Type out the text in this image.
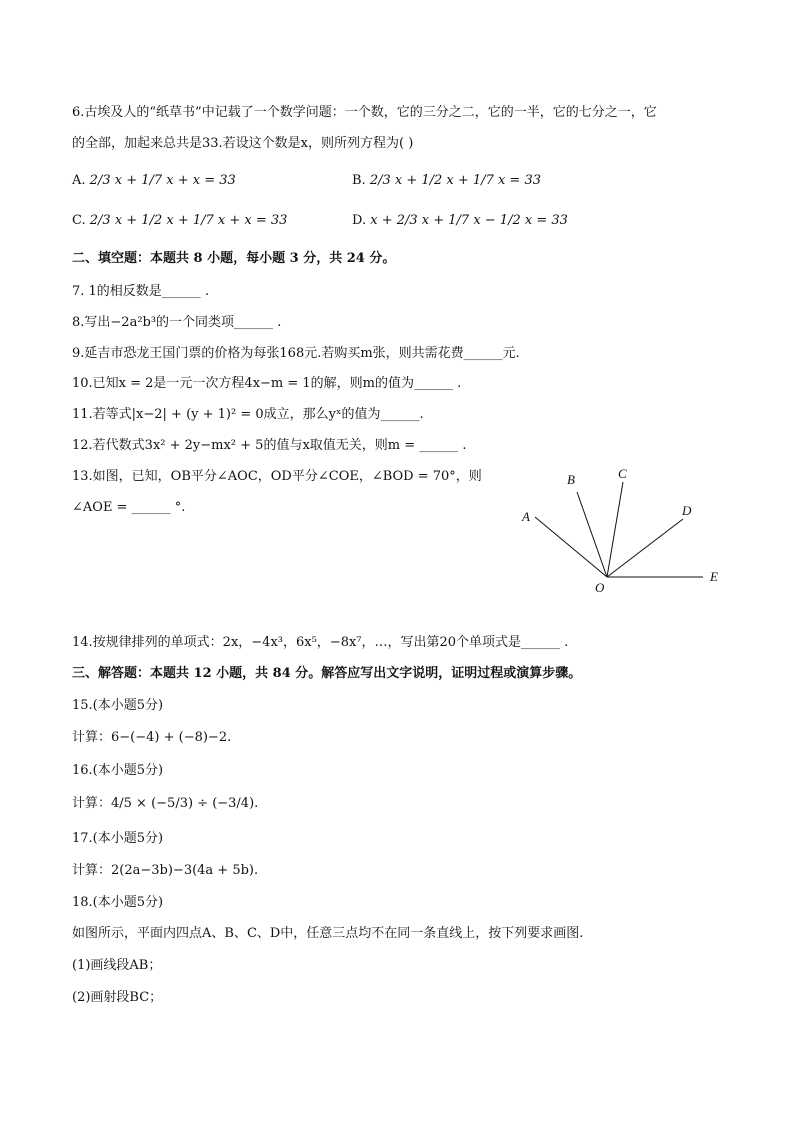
6.古埃及人的“纸草书”中记载了一个数学问题：一个数，它的三分之二，它的一半，它的七分之一，它
的全部，加起来总共是33.若设这个数是x，则所列方程为( )
A. 2/3 x + 1/7 x + x = 33	B. 2/3 x + 1/2 x + 1/7 x = 33
C. 2/3 x + 1/2 x + 1/7 x + x = 33	D. x + 2/3 x + 1/7 x − 1/2 x = 33
二、填空题：本题共 8 小题，每小题 3 分，共 24 分。
7. 1的相反数是______ .
8.写出−2a²b³的一个同类项______ .
9.延吉市恐龙王国门票的价格为每张168元.若购买m张，则共需花费______元.
10.已知x = 2是一元一次方程4x−m = 1的解，则m的值为______ .
11.若等式|x−2| + (y + 1)² = 0成立，那么yˣ的值为______.
12.若代数式3x² + 2y−mx² + 5的值与x取值无关，则m = ______ .
13.如图，已知，OB平分∠AOC，OD平分∠COE，∠BOD = 70°，则
∠AOE = ______ °.
A
B	C
D
E
O
14.按规律排列的单项式：2x，−4x³，6x⁵，−8x⁷，…，写出第20个单项式是______ .
三、解答题：本题共 12 小题，共 84 分。解答应写出文字说明，证明过程或演算步骤。
15.(本小题5分)
计算：6−(−4) + (−8)−2.
16.(本小题5分)
计算：4/5 × (−5/3) ÷ (−3/4).
17.(本小题5分)
计算：2(2a−3b)−3(4a + 5b).
18.(本小题5分)
如图所示，平面内四点A、B、C、D中，任意三点均不在同一条直线上，按下列要求画图.
(1)画线段AB；
(2)画射段BC；
